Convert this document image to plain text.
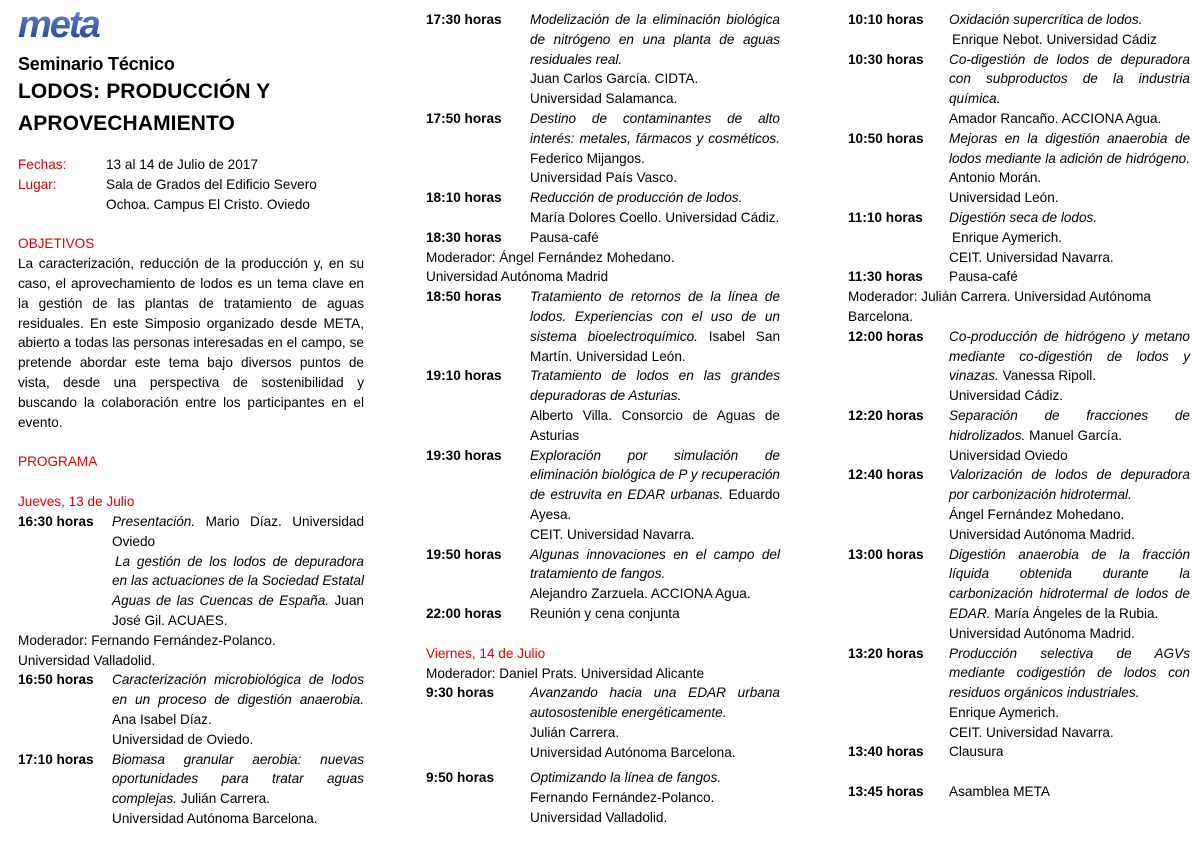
meta
Seminario Técnico
LODOS: PRODUCCIÓN Y
APROVECHAMIENTO
Fechas:	13 al 14 de Julio de 2017
Lugar:	Sala de Grados del Edificio Severo
Ochoa. Campus El Cristo. Oviedo
OBJETIVOS
La caracterización, reducción de la producción y, en su caso, el aprovechamiento de lodos es un tema clave en la gestión de las plantas de tratamiento de aguas residuales. En este Simposio organizado desde META, abierto a todas las personas interesadas en el campo, se pretende abordar este tema bajo diversos puntos de vista, desde una perspectiva de sostenibilidad y buscando la colaboración entre los participantes en el evento.
PROGRAMA
Jueves, 13 de Julio
16:30 horas	Presentación. Mario Díaz. Universidad Oviedo
La gestión de los lodos de depuradora en las actuaciones de la Sociedad Estatal Aguas de las Cuencas de España. Juan José Gil. ACUAES.
Moderador: Fernando Fernández-Polanco.
Universidad Valladolid.
16:50 horas	Caracterización microbiológica de lodos en un proceso de digestión anaerobia. Ana Isabel Díaz.
Universidad de Oviedo.
17:10 horas	Biomasa granular aerobia: nuevas oportunidades para tratar aguas complejas. Julián Carrera.
Universidad Autónoma Barcelona.
17:30 horas	Modelización de la eliminación biológica de nitrógeno en una planta de aguas residuales real.
Juan Carlos García. CIDTA.
Universidad Salamanca.
17:50 horas	Destino de contaminantes de alto interés: metales, fármacos y cosméticos. Federico Mijangos.
Universidad País Vasco.
18:10 horas	Reducción de producción de lodos.
María Dolores Coello. Universidad Cádiz.
18:30 horas	Pausa-café
Moderador: Ángel Fernández Mohedano.
Universidad Autónoma Madrid
18:50 horas	Tratamiento de retornos de la línea de lodos. Experiencias con el uso de un sistema bioelectroquímico. Isabel San Martín. Universidad León.
19:10 horas	Tratamiento de lodos en las grandes depuradoras de Asturias.
Alberto Villa. Consorcio de Aguas de Asturias
19:30 horas	Exploración por simulación de eliminación biológica de P y recuperación de estruvita en EDAR urbanas. Eduardo Ayesa.
CEIT. Universidad Navarra.
19:50 horas	Algunas innovaciones en el campo del tratamiento de fangos.
Alejandro Zarzuela. ACCIONA Agua.
22:00 horas	Reunión y cena conjunta
Viernes, 14 de Julio
Moderador: Daniel Prats. Universidad Alicante
9:30 horas	Avanzando hacia una EDAR urbana autosostenible energéticamente.
Julián Carrera.
Universidad Autónoma Barcelona.
9:50 horas	Optimizando la línea de fangos.
Fernando Fernández-Polanco.
Universidad Valladolid.
10:10 horas	Oxidación supercrítica de lodos.
Enrique Nebot. Universidad Cádiz
10:30 horas	Co-digestión de lodos de depuradora con subproductos de la industria química.
Amador Rancaño. ACCIONA Agua.
10:50 horas	Mejoras en la digestión anaerobia de lodos mediante la adición de hidrógeno. Antonio Morán.
Universidad León.
11:10 horas	Digestión seca de lodos.
Enrique Aymerich.
CEIT. Universidad Navarra.
11:30 horas	Pausa-café
Moderador: Julián Carrera. Universidad Autónoma Barcelona.
12:00 horas	Co-producción de hidrógeno y metano mediante co-digestión de lodos y vinazas. Vanessa Ripoll.
Universidad Cádiz.
12:20 horas	Separación de fracciones de hidrolizados. Manuel García.
Universidad Oviedo
12:40 horas	Valorización de lodos de depuradora por carbonización hidrotermal.
Ángel Fernández Mohedano.
Universidad Autónoma Madrid.
13:00 horas	Digestión anaerobia de la fracción líquida obtenida durante la carbonización hidrotermal de lodos de EDAR. María Ángeles de la Rubia.
Universidad Autónoma Madrid.
13:20 horas	Producción selectiva de AGVs mediante codigestión de lodos con residuos orgánicos industriales.
Enrique Aymerich.
CEIT. Universidad Navarra.
13:40 horas	Clausura
13:45 horas	Asamblea META
